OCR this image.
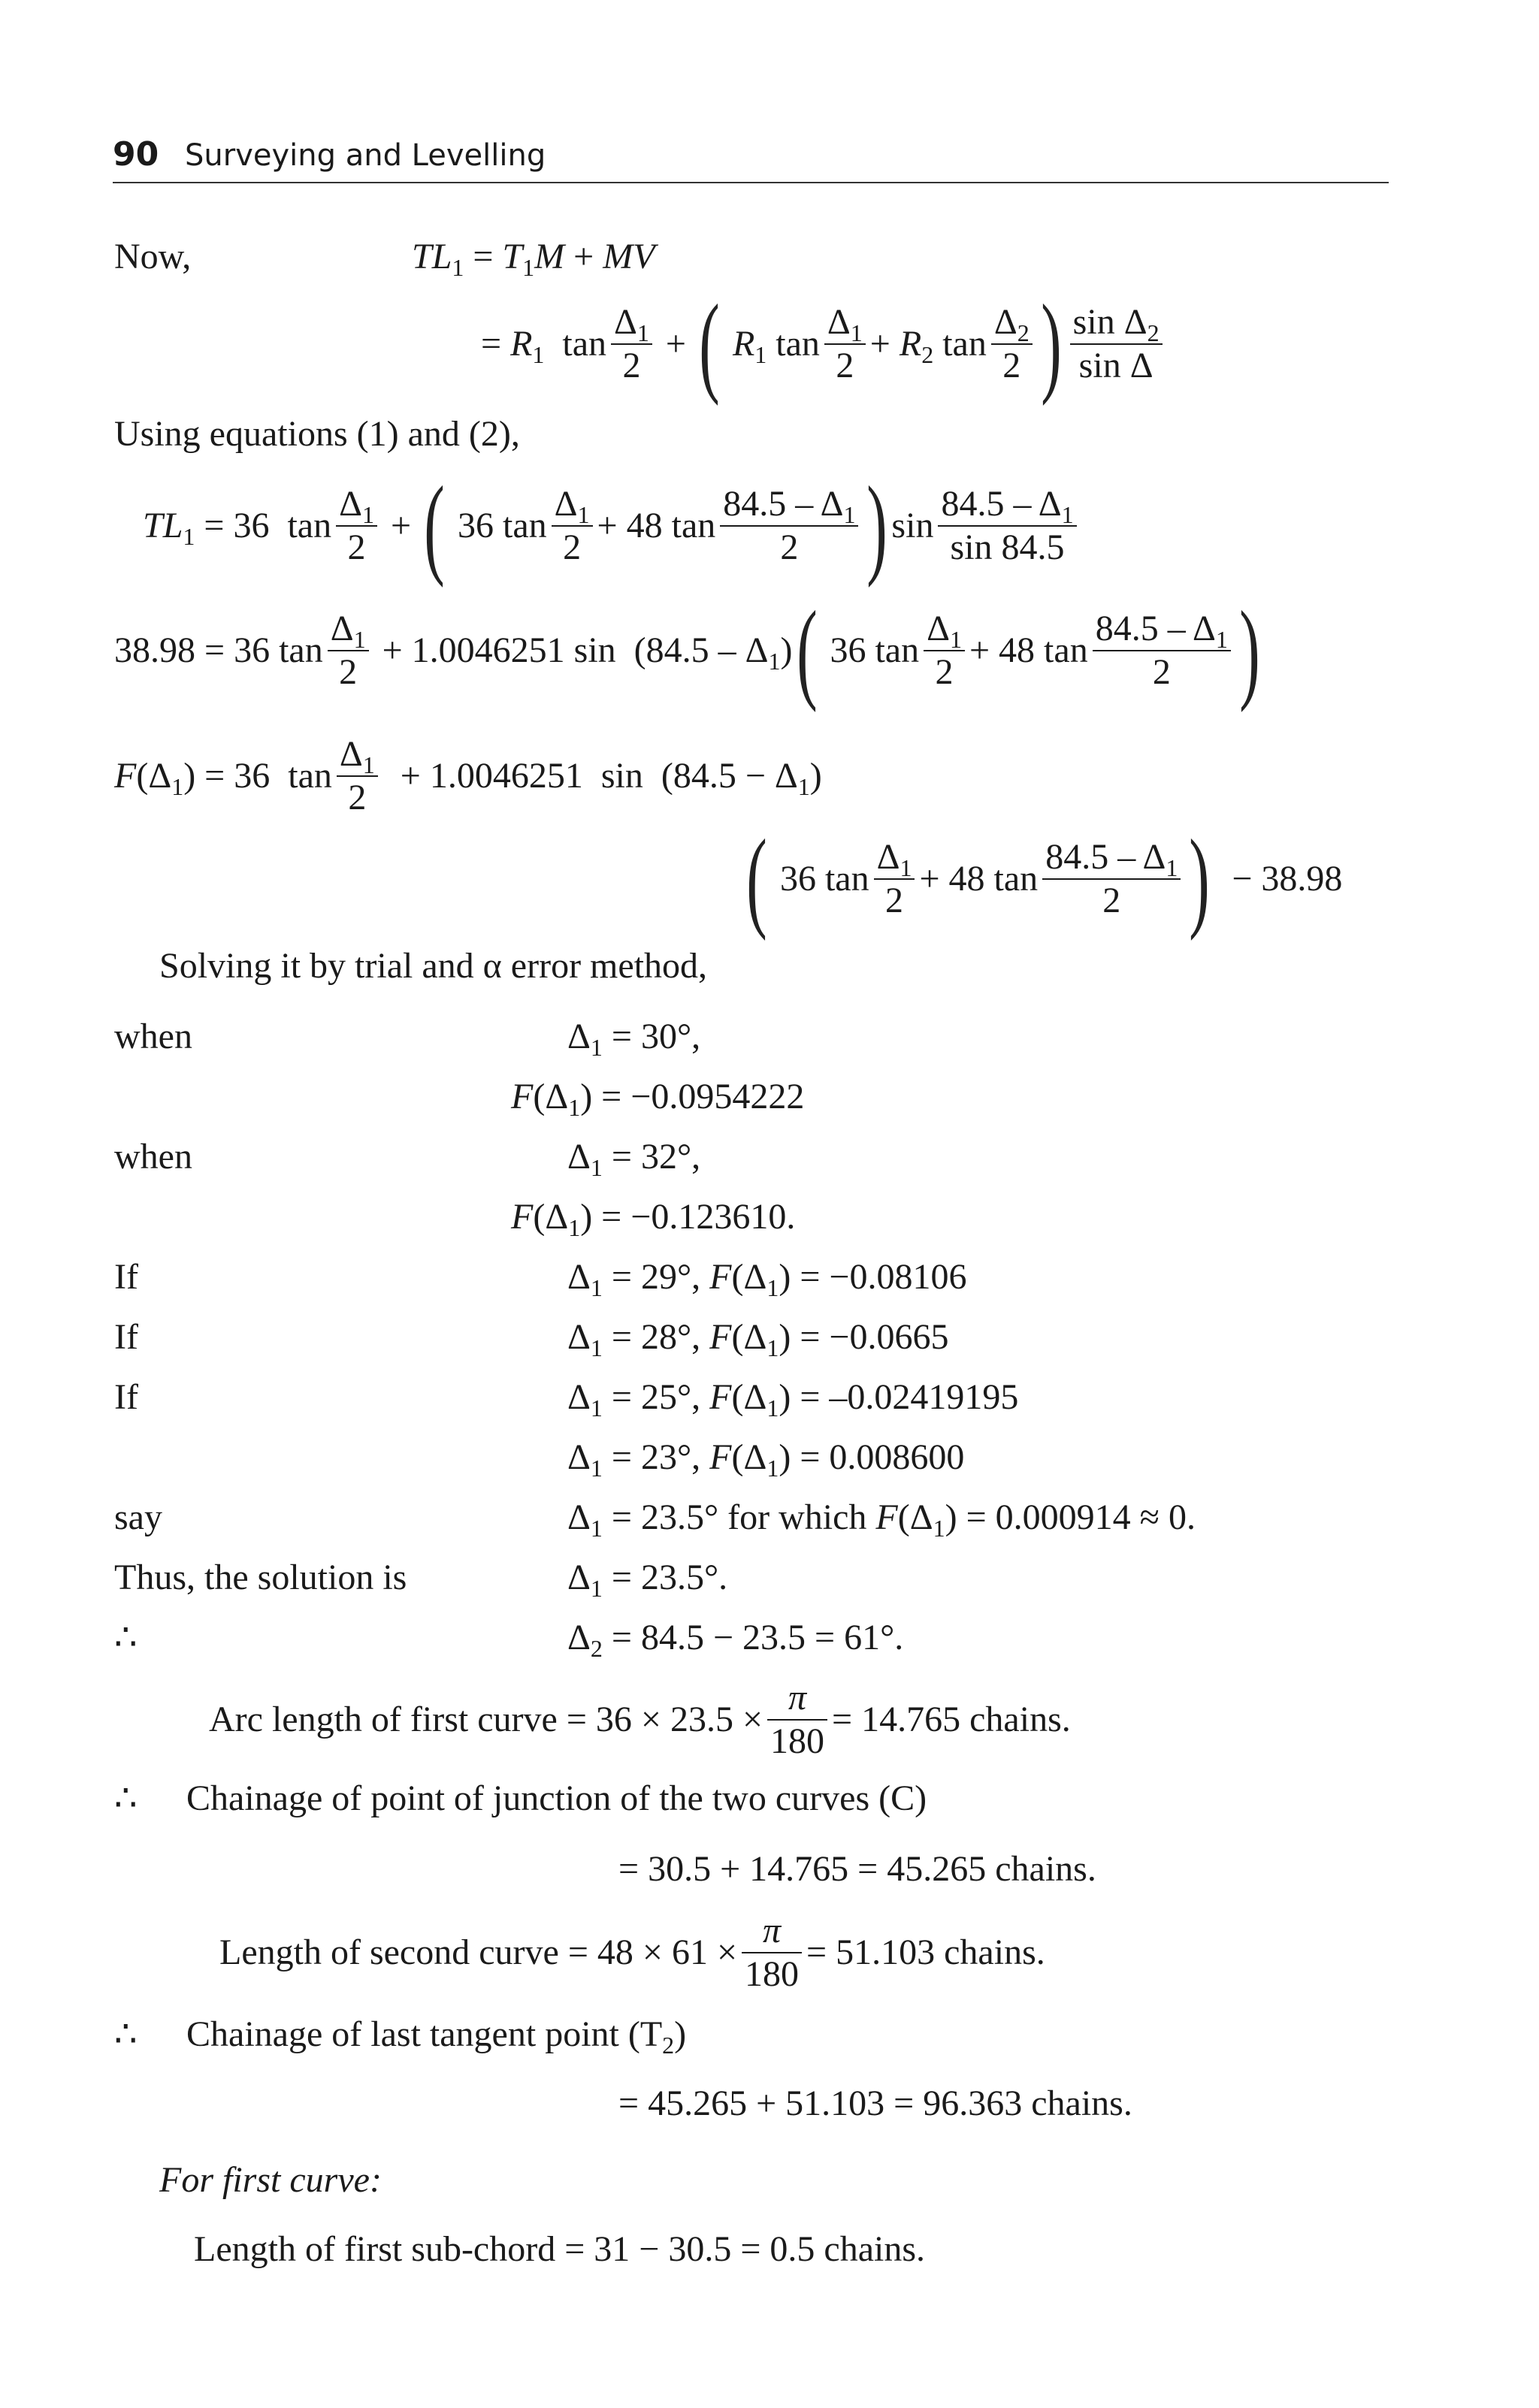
90 Surveying and Levelling
Now,	$TL_1 = T_1M$ + MV
= $R_1$  $\tan \frac{\Delta_1}{2}$ + ( $R_1$ $\tan \frac{\Delta_1}{2} + R_2$ $\tan \frac{\Delta_2}{2}$ ) $\frac{\sin \Delta_2}{\text{sin Δ}}$
Using equations (1) and (2),
$TL_1 = 36$  $\tan \frac{\Delta_1}{2}$ + ( 36 $\tan \frac{\Delta_1}{2} + 48$ $\tan \frac{84.5 - \Delta_1}{2}$ ) $\sin \frac{84.5 - \Delta_1}{\sin 84.5}$
38.98 = 36 $\tan \frac{\Delta_1}{2} + 1.0046251$ $\sin (84.5 - \Delta_1)$ ( 36 $\tan \frac{\Delta_1}{2} + 48$ $\tan \frac{84.5 - \Delta_1}{2}$ )
$F(\Delta_1) = 36$  $\tan \frac{\Delta_1}{2} + 1.0046251$  $\sin (84.5 - \Delta_1)$
( 36 $\tan \frac{\Delta_1}{2} + 48$ $\tan \frac{84.5 - \Delta_1}{2}$ ) − 38.98
Solving it by trial and α error method,
when	$\Delta_1 = 30^\circ$,
$F(\Delta_1) = -0.0954222$
when	$\Delta_1 = 32^\circ$,
$F(\Delta_1) = -0.123610$.
If	$\Delta_1 = 29^\circ$, $F(\Delta_1) = -0.08106$
If	$\Delta_1 = 28^\circ$, $F(\Delta_1) = -0.0665$
If	$\Delta_1 = 25^\circ$, $F(\Delta_1) = -0.02419195$
$\Delta_1 = 23^\circ$, $F(\Delta_1) = 0.008600$
say	$\Delta_1 = 23.5^\circ$ for which $F(\Delta_1) = 0.000914 \approx 0$.
Thus, the solution is	$\Delta_1 = 23.5^\circ$.
∴	$\Delta_2 = 84.5 - 23.5 = 61^\circ$.
Arc length of first curve = $36 \times 23.5 \times \frac{\pi}{180} = 14.765$ chains.
∴ Chainage of point of junction of the two curves (C)
= 30.5 + 14.765 = 45.265 chains.
Length of second curve = $48 \times 61 \times \frac{\pi}{180} = 51.103$ chains.
∴ Chainage of last tangent point $(T_2)$
= 45.265 + 51.103 = 96.363 chains.
For first curve:
Length of first sub-chord = 31 − 30.5 = 0.5 chains.
